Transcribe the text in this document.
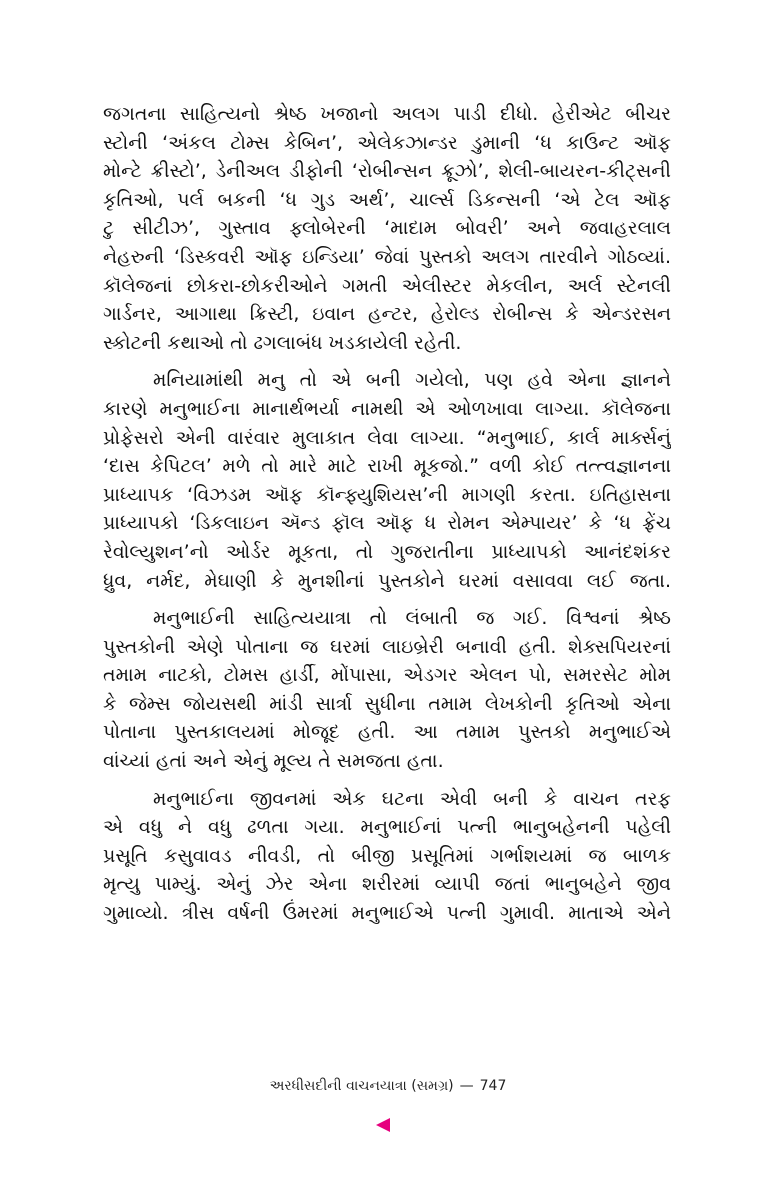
જગતના સાહિત્યનો શ્રેષ્ઠ ખજાનો અલગ પાડી દીધો. હેરીએટ બીચર
સ્ટોની ‘અંકલ ટોમ્સ કેબિન’, એલેકઝાન્ડર ડુમાની ‘ધ કાઉન્ટ ઑફ
મોન્ટે ક્રીસ્ટો’, ડેનીઅલ ડીફોની ‘રોબીન્સન ક્રૂઝો’, શેલી-બાયરન-કીટ્સની
કૃતિઓ, પર્લ બકની ‘ધ ગુડ અર્થ’, ચાર્લ્સ ડિકન્સની ‘એ ટેલ ઑફ
ટુ સીટીઝ’, ગુસ્તાવ ફ્લોબેરની ‘માદામ બોવરી’ અને જવાહરલાલ
નેહરુની ‘ડિસ્કવરી ઑફ ઇન્ડિયા’ જેવાં પુસ્તકો અલગ તારવીને ગોઠવ્યાં.
કૉલેજનાં છોકરા-છોકરીઓને ગમતી એલીસ્ટર મેકલીન, અર્લ સ્ટેનલી
ગાર્ડનર, આગાથા ક્રિસ્ટી, ઇવાન હન્ટર, હેરોલ્ડ રોબીન્સ કે એન્ડરસન
સ્કોટની કથાઓ તો ઢગલાબંધ ખડકાયેલી રહેતી.

મનિયામાંથી મનુ તો એ બની ગયેલો, પણ હવે એના જ્ઞાનને
કારણે મનુભાઈના માનાર્થભર્યા નામથી એ ઓળખાવા લાગ્યા. કૉલેજના
પ્રોફેસરો એની વારંવાર મુલાકાત લેવા લાગ્યા. “મનુભાઈ, કાર્લ માર્ક્સનું
‘દાસ કેપિટલ’ મળે તો મારે માટે રાખી મૂકજો.” વળી કોઈ તત્ત્વજ્ઞાનના
પ્રાધ્યાપક ‘વિઝડમ ઑફ કૉન્ફ્યુશિયસ’ની માગણી કરતા. ઇતિહાસના
પ્રાધ્યાપકો ‘ડિકલાઇન ઍન્ડ ફૉલ ઑફ ધ રોમન એમ્પાયર’ કે ‘ધ ફ્રેંચ
રેવોલ્યુશન’નો ઓર્ડર મૂકતા, તો ગુજરાતીના પ્રાધ્યાપકો આનંદશંકર
ધ્રુવ, નર્મદ, મેઘાણી કે મુનશીનાં પુસ્તકોને ઘરમાં વસાવવા લઈ જતા.

મનુભાઈની સાહિત્યયાત્રા તો લંબાતી જ ગઈ. વિશ્વનાં શ્રેષ્ઠ
પુસ્તકોની એણે પોતાના જ ઘરમાં લાઇબ્રેરી બનાવી હતી. શેક્સપિયરનાં
તમામ નાટકો, ટોમસ હાર્ડી, મોંપાસા, એડગર એલન પો, સમરસેટ મોમ
કે જેમ્સ જોયસથી માંડી સાર્ત્રા સુધીના તમામ લેખકોની કૃતિઓ એના
પોતાના પુસ્તકાલયમાં મોજૂદ હતી. આ તમામ પુસ્તકો મનુભાઈએ
વાંચ્યાં હતાં અને એનું મૂલ્ય તે સમજતા હતા.

મનુભાઈના જીવનમાં એક ઘટના એવી બની કે વાચન તરફ
એ વધુ ને વધુ ઢળતા ગયા. મનુભાઈનાં પત્ની ભાનુબહેનની પહેલી
પ્રસૂતિ કસુવાવડ નીવડી, તો બીજી પ્રસૂતિમાં ગર્ભાશયમાં જ બાળક
મૃત્યુ પામ્યું. એનું ઝેર એના શરીરમાં વ્યાપી જતાં ભાનુબહેને જીવ
ગુમાવ્યો. ત્રીસ વર્ષની ઉંમરમાં મનુભાઈએ પત્ની ગુમાવી. માતાએ એને

અરધીસદીની વાચનયાત્રા (સમગ્ર) — 747
